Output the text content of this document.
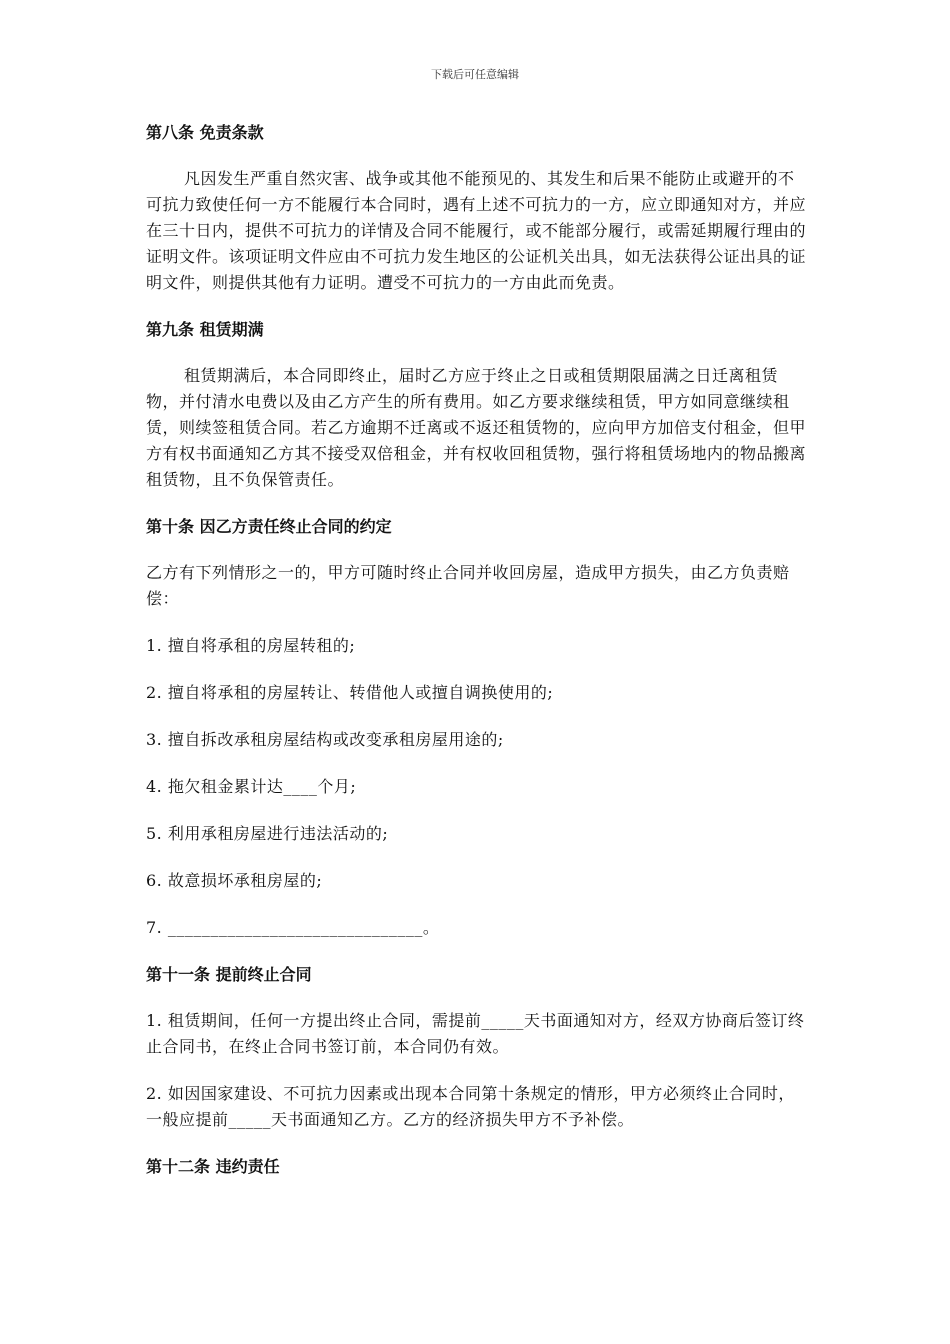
下载后可任意编辑
第八条 免责条款

凡因发生严重自然灾害、战争或其他不能预见的、其发生和后果不能防止或避开的不可抗力致使任何一方不能履行本合同时，遇有上述不可抗力的一方，应立即通知对方，并应在三十日内，提供不可抗力的详情及合同不能履行，或不能部分履行，或需延期履行理由的证明文件。该项证明文件应由不可抗力发生地区的公证机关出具，如无法获得公证出具的证明文件，则提供其他有力证明。遭受不可抗力的一方由此而免责。

第九条 租赁期满

租赁期满后，本合同即终止，届时乙方应于终止之日或租赁期限届满之日迁离租赁物，并付清水电费以及由乙方产生的所有费用。如乙方要求继续租赁，甲方如同意继续租赁，则续签租赁合同。若乙方逾期不迁离或不返还租赁物的，应向甲方加倍支付租金，但甲方有权书面通知乙方其不接受双倍租金，并有权收回租赁物，强行将租赁场地内的物品搬离租赁物，且不负保管责任。

第十条 因乙方责任终止合同的约定

乙方有下列情形之一的，甲方可随时终止合同并收回房屋，造成甲方损失，由乙方负责赔偿：

1. 擅自将承租的房屋转租的;

2. 擅自将承租的房屋转让、转借他人或擅自调换使用的;

3. 擅自拆改承租房屋结构或改变承租房屋用途的;

4. 拖欠租金累计达____个月;

5. 利用承租房屋进行违法活动的;

6. 故意损坏承租房屋的;

7. ______________________________。

第十一条 提前终止合同

1. 租赁期间，任何一方提出终止合同，需提前_____天书面通知对方，经双方协商后签订终止合同书，在终止合同书签订前，本合同仍有效。

2. 如因国家建设、不可抗力因素或出现本合同第十条规定的情形，甲方必须终止合同时，一般应提前_____天书面通知乙方。乙方的经济损失甲方不予补偿。

第十二条 违约责任
